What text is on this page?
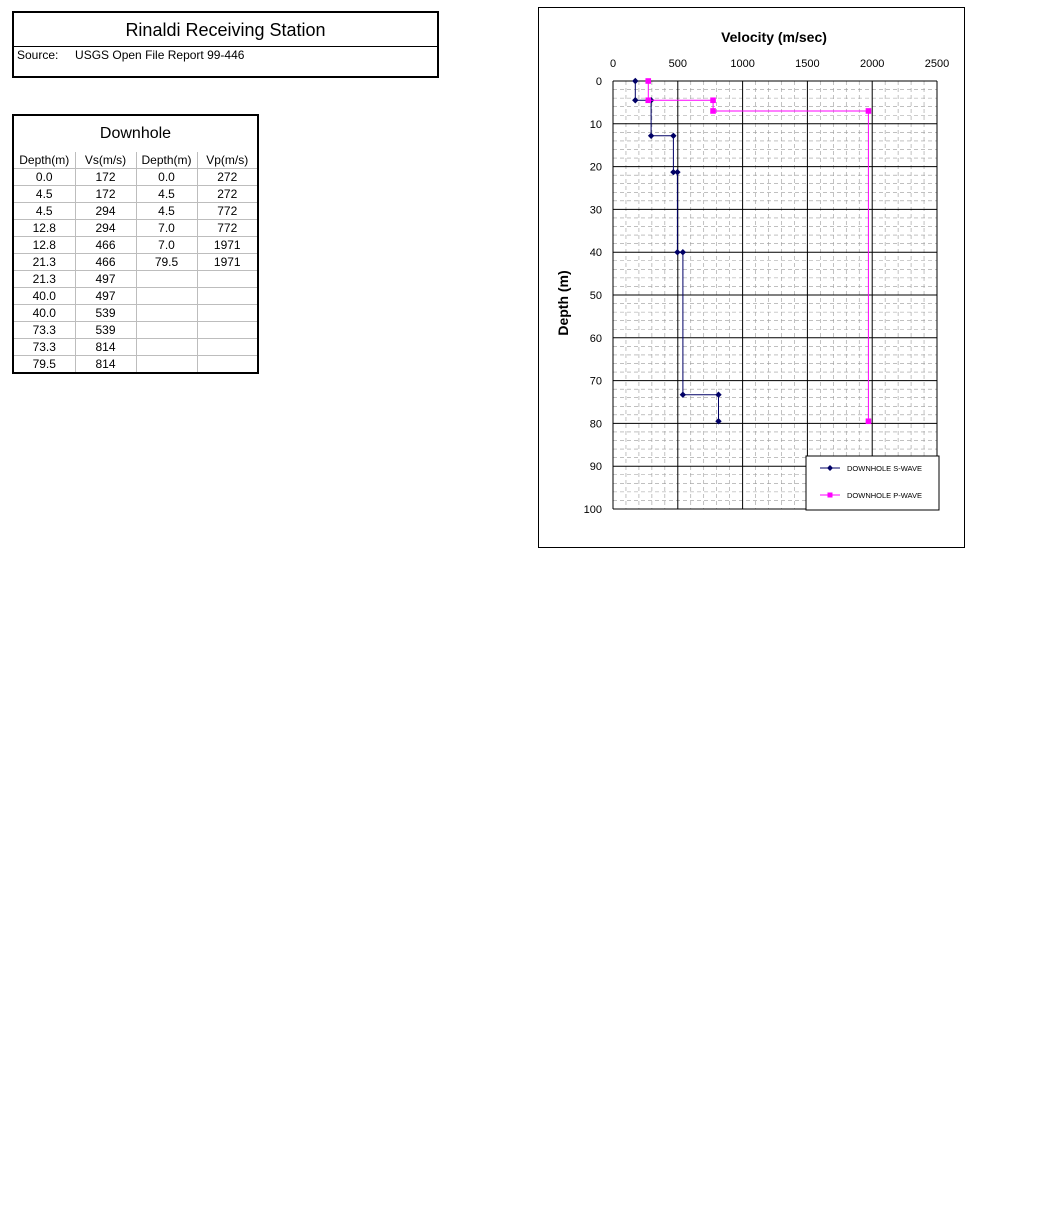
Rinaldi Receiving Station
Source: USGS Open File Report 99-446
Downhole
Depth(m)	Vs(m/s)	Depth(m)	Vp(m/s)
0.0	172	0.0	272
4.5	172	4.5	272
4.5	294	4.5	772
12.8	294	7.0	772
12.8	466	7.0	1971
21.3	466	79.5	1971
21.3	497		
40.0	497		
40.0	539		
73.3	539		
73.3	814		
79.5	814		
Velocity (m/sec)
Depth (m)
0	500	1000	1500	2000	2500
0
10
20
30
40
50
60
70
80
90
100
DOWNHOLE S-WAVE
DOWNHOLE P-WAVE
